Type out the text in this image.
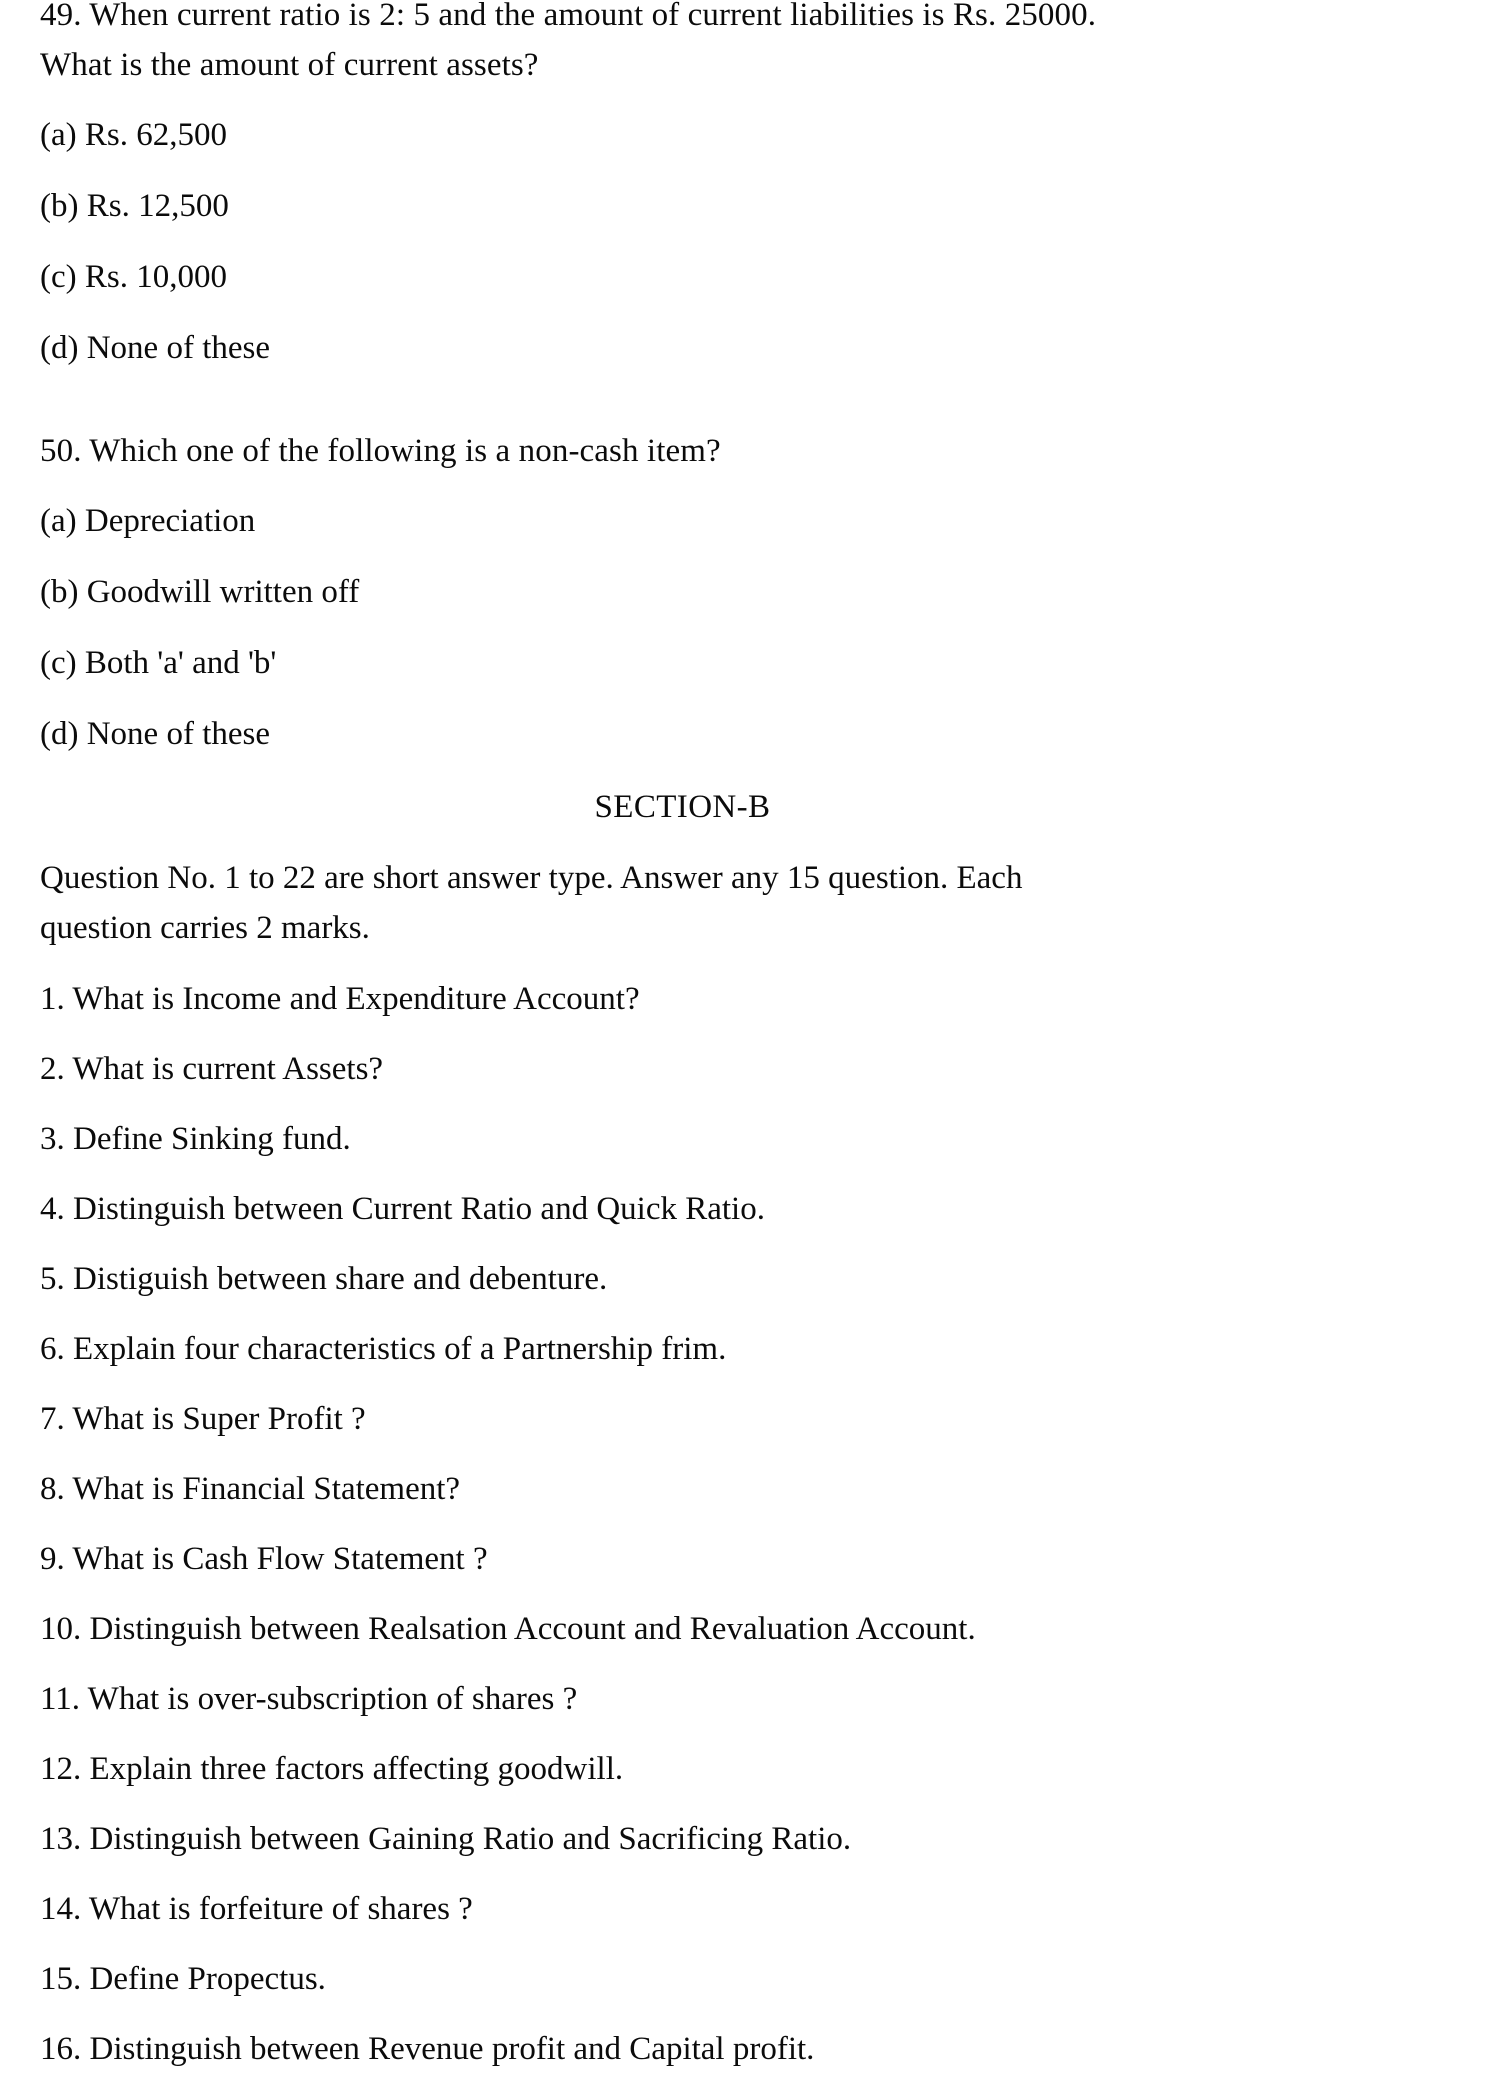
49. When current ratio is 2: 5 and the amount of current liabilities is Rs. 25000. What is the amount of current assets?

(a) Rs. 62,500

(b) Rs. 12,500

(c) Rs. 10,000

(d) None of these

50. Which one of the following is a non-cash item?

(a) Depreciation

(b) Goodwill written off

(c) Both 'a' and 'b'

(d) None of these

SECTION-B

Question No. 1 to 22 are short answer type. Answer any 15 question. Each question carries 2 marks.

1. What is Income and Expenditure Account?

2. What is current Assets?

3. Define Sinking fund.

4. Distinguish between Current Ratio and Quick Ratio.

5. Distiguish between share and debenture.

6. Explain four characteristics of a Partnership frim.

7. What is Super Profit ?

8. What is Financial Statement?

9. What is Cash Flow Statement ?

10. Distinguish between Realsation Account and Revaluation Account.

11. What is over-subscription of shares ?

12. Explain three factors affecting goodwill.

13. Distinguish between Gaining Ratio and Sacrificing Ratio.

14. What is forfeiture of shares ?

15. Define Propectus.

16. Distinguish between Revenue profit and Capital profit.
